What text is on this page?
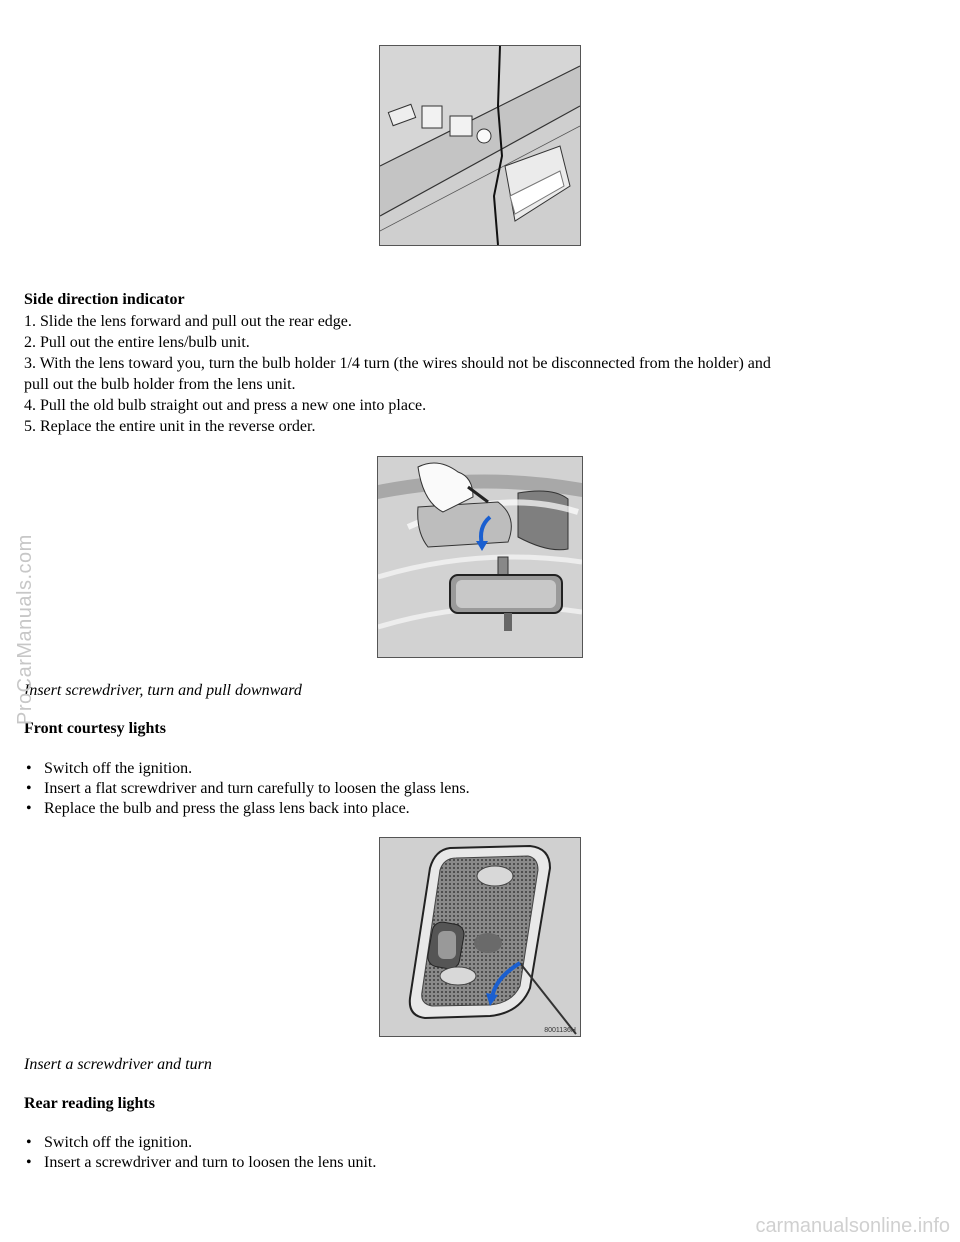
Side direction indicator
1. Slide the lens forward and pull out the rear edge.
2. Pull out the entire lens/bulb unit.
3. With the lens toward you, turn the bulb holder 1/4 turn (the wires should not be disconnected from the holder) and
pull out the bulb holder from the lens unit.
4. Pull the old bulb straight out and press a new one into place.
5. Replace the entire unit in the reverse order.
Insert screwdriver, turn and pull downward
Front courtesy lights
• Switch off the ignition.
• Insert a flat screwdriver and turn carefully to loosen the glass lens.
• Replace the bulb and press the glass lens back into place.
8001136H
Insert a screwdriver and turn
Rear reading lights
• Switch off the ignition.
• Insert a screwdriver and turn to loosen the lens unit.
ProCarManuals.com
carmanualsonline.info
